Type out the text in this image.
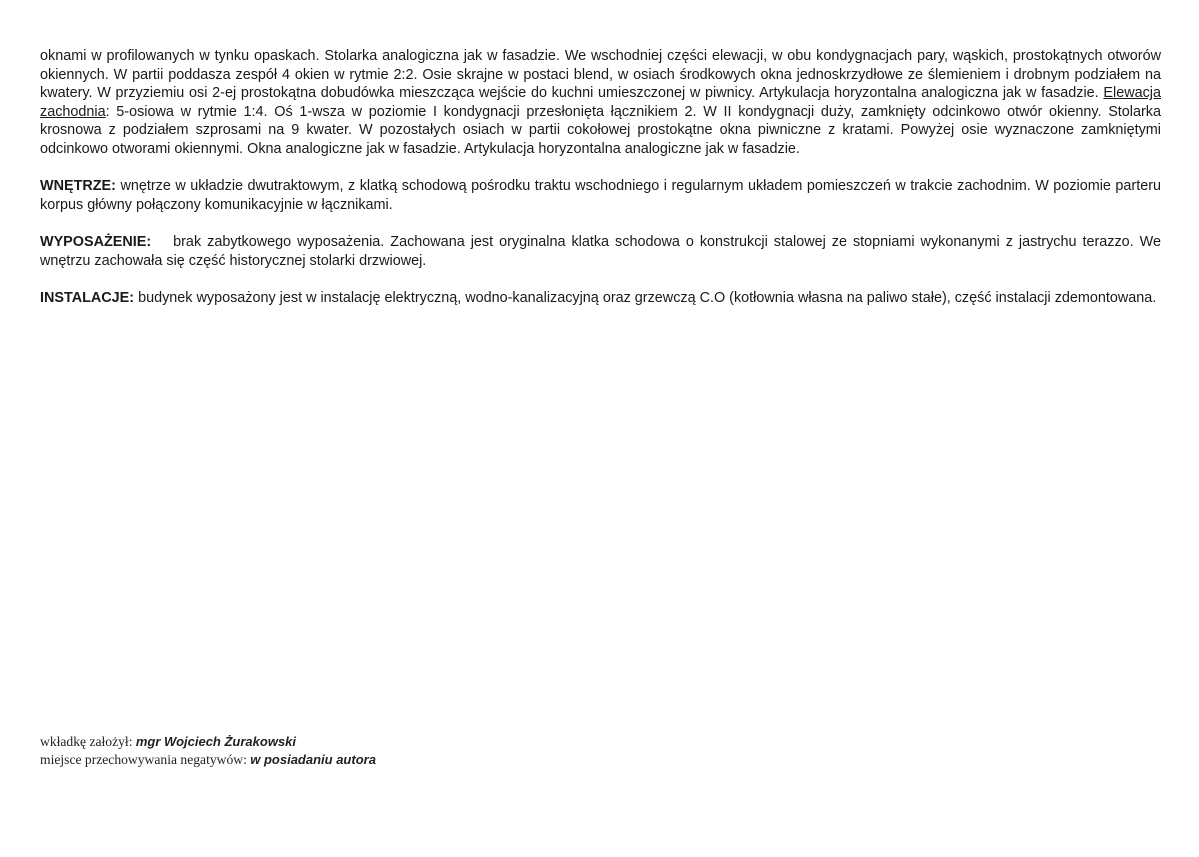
oknami w profilowanych w tynku opaskach. Stolarka analogiczna jak w fasadzie. We wschodniej części elewacji, w obu kondygnacjach pary, wąskich, prostokątnych otworów okiennych. W partii poddasza zespół 4 okien w rytmie 2:2. Osie skrajne w postaci blend, w osiach środkowych okna jednoskrzydłowe ze ślemieniem i drobnym podziałem na kwatery. W przyziemiu osi 2-ej prostokątna dobudówka mieszcząca wejście do kuchni umieszczonej w piwnicy. Artykulacja horyzontalna analogiczna jak w fasadzie. Elewacja zachodnia: 5-osiowa w rytmie 1:4. Oś 1-wsza w poziomie I kondygnacji przesłonięta łącznikiem 2. W II kondygnacji duży, zamknięty odcinkowo otwór okienny. Stolarka krosnowa z podziałem szprosami na 9 kwater. W pozostałych osiach w partii cokołowej prostokątne okna piwniczne z kratami. Powyżej osie wyznaczone zamkniętymi odcinkowo otworami okiennymi. Okna analogiczne jak w fasadzie. Artykulacja horyzontalna analogiczne jak w fasadzie.

WNĘTRZE: wnętrze w układzie dwutraktowym, z klatką schodową pośrodku traktu wschodniego i regularnym układem pomieszczeń w trakcie zachodnim. W poziomie parteru korpus główny połączony komunikacyjnie w łącznikami.

WYPOSAŻENIE: brak zabytkowego wyposażenia. Zachowana jest oryginalna klatka schodowa o konstrukcji stalowej ze stopniami wykonanymi z jastrychu terazzo. We wnętrzu zachowała się część historycznej stolarki drzwiowej.

INSTALACJE: budynek wyposażony jest w instalację elektryczną, wodno-kanalizacyjną oraz grzewczą C.O (kotłownia własna na paliwo stałe), część instalacji zdemontowana.

wkładkę założył: mgr Wojciech Żurakowski
miejsce przechowywania negatywów: w posiadaniu autora
